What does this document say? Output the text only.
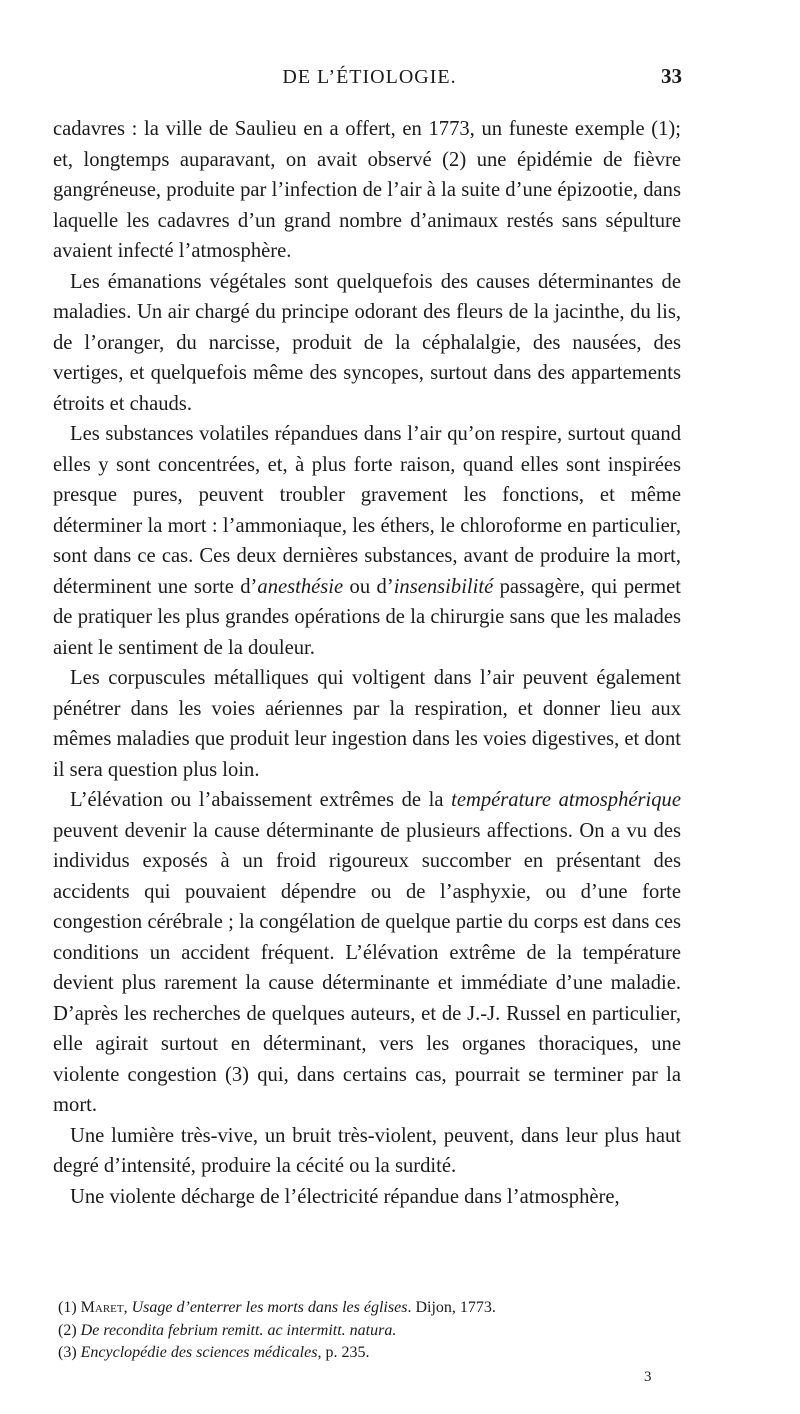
DE L’ÉTIOLOGIE.	33

cadavres : la ville de Saulieu en a offert, en 1773, un funeste exemple (1); et, longtemps auparavant, on avait observé (2) une épidémie de fièvre gangréneuse, produite par l’infection de l’air à la suite d’une épizootie, dans laquelle les cadavres d’un grand nombre d’animaux restés sans sépulture avaient infecté l’atmosphère.

Les émanations végétales sont quelquefois des causes déterminantes de maladies. Un air chargé du principe odorant des fleurs de la jacinthe, du lis, de l’oranger, du narcisse, produit de la céphalalgie, des nausées, des vertiges, et quelquefois même des syncopes, surtout dans des appartements étroits et chauds.

Les substances volatiles répandues dans l’air qu’on respire, surtout quand elles y sont concentrées, et, à plus forte raison, quand elles sont inspirées presque pures, peuvent troubler gravement les fonctions, et même déterminer la mort : l’ammoniaque, les éthers, le chloroforme en particulier, sont dans ce cas. Ces deux dernières substances, avant de produire la mort, déterminent une sorte d’anesthésie ou d’insensibilité passagère, qui permet de pratiquer les plus grandes opérations de la chirurgie sans que les malades aient le sentiment de la douleur.

Les corpuscules métalliques qui voltigent dans l’air peuvent également pénétrer dans les voies aériennes par la respiration, et donner lieu aux mêmes maladies que produit leur ingestion dans les voies digestives, et dont il sera question plus loin.

L’élévation ou l’abaissement extrêmes de la température atmosphérique peuvent devenir la cause déterminante de plusieurs affections. On a vu des individus exposés à un froid rigoureux succomber en présentant des accidents qui pouvaient dépendre ou de l’asphyxie, ou d’une forte congestion cérébrale ; la congélation de quelque partie du corps est dans ces conditions un accident fréquent. L’élévation extrême de la température devient plus rarement la cause déterminante et immédiate d’une maladie. D’après les recherches de quelques auteurs, et de J.-J. Russel en particulier, elle agirait surtout en déterminant, vers les organes thoraciques, une violente congestion (3) qui, dans certains cas, pourrait se terminer par la mort.

Une lumière très-vive, un bruit très-violent, peuvent, dans leur plus haut degré d’intensité, produire la cécité ou la surdité.

Une violente décharge de l’électricité répandue dans l’atmosphère,

(1) Maret, Usage d’enterrer les morts dans les églises. Dijon, 1773.

(2) De recondita febrium remitt. ac intermitt. natura.

(3) Encyclopédie des sciences médicales, p. 235.

3
